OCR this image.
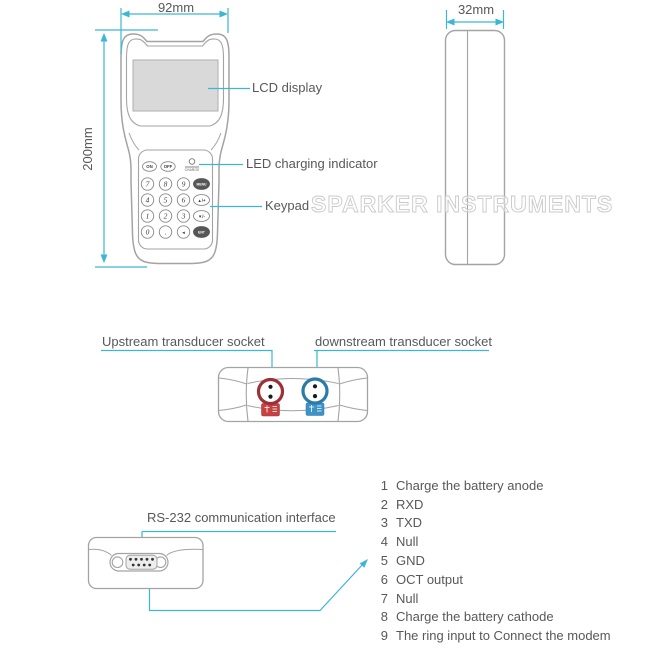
ON	OFF
CHARGE
7 8 9	MENU
4 5 6	▲/+
1 2 3	▼/-
0 .	◄	ENT
SPARKER INSTRUMENTS
92mm
200mm
LCD display
LED charging indicator
Keypad
32mm
Upstream transducer socket	downstream transducer socket
RS-232 communication interface
1 Charge the battery anode
2 RXD
3 TXD
4 Null
5 GND
6 OCT output
7 Null
8 Charge the battery cathode
9 The ring input to Connect the modem
